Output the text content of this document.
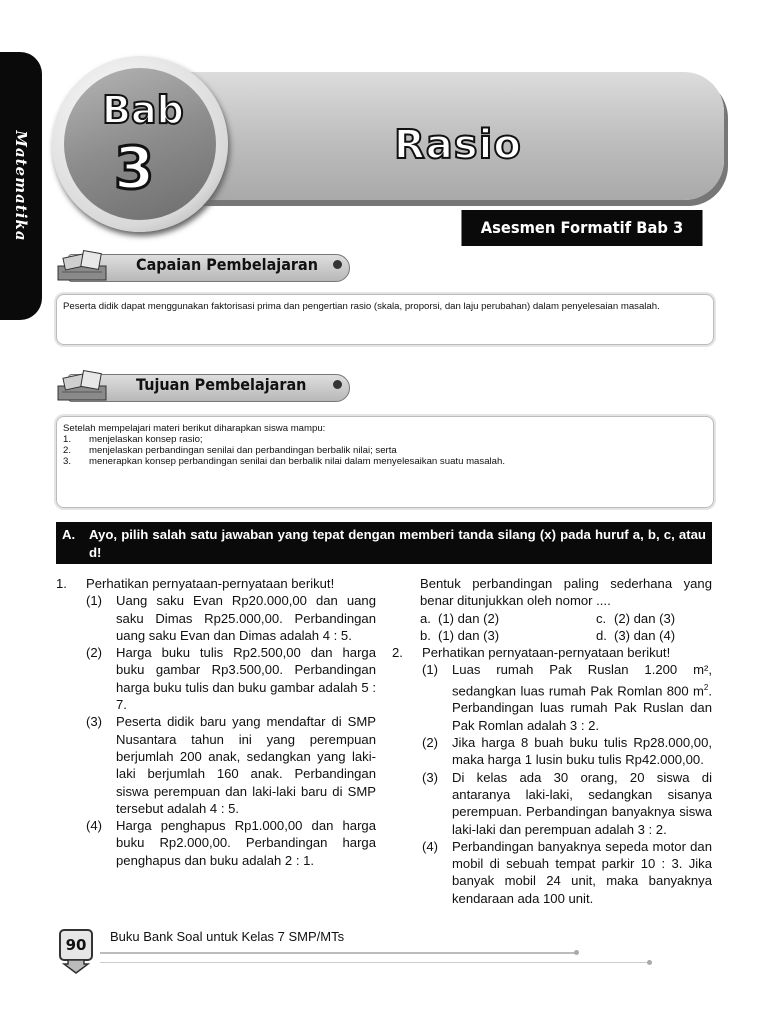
Matematika	Rasio
Bab
3
Asesmen Formatif Bab 3
Capaian Pembelajaran
Peserta didik dapat menggunakan faktorisasi prima dan pengertian rasio (skala, proporsi, dan laju perubahan) dalam penyelesaian masalah.
Tujuan Pembelajaran
Setelah mempelajari materi berikut diharapkan siswa mampu:
1. menjelaskan konsep rasio;
2. menjelaskan perbandingan senilai dan perbandingan berbalik nilai; serta
3. menerapkan konsep perbandingan senilai dan berbalik nilai dalam menyelesaikan suatu masalah.
A. Ayo, pilih salah satu jawaban yang tepat dengan memberi tanda silang (x) pada huruf a, b, c, atau d!
1. Perhatikan pernyataan-pernyataan berikut!

(1) Uang saku Evan Rp20.000,00 dan uang saku Dimas Rp25.000,00. Perbandingan uang saku Evan dan Dimas adalah 4 : 5.
(2) Harga buku tulis Rp2.500,00 dan harga buku gambar Rp3.500,00. Perbandingan harga buku tulis dan buku gambar adalah 5 : 7.
(3) Peserta didik baru yang mendaftar di SMP Nusantara tahun ini yang perempuan berjumlah 200 anak, sedangkan yang laki-laki berjumlah 160 anak. Perbandingan siswa perempuan dan laki-laki baru di SMP tersebut adalah 4 : 5.
(4) Harga penghapus Rp1.000,00 dan harga buku Rp2.000,00. Perbandingan harga penghapus dan buku adalah 2 : 1.

Bentuk perbandingan paling sederhana yang benar ditunjukkan oleh nomor ....

a. (1) dan (2)	c. (2) dan (3)
b. (1) dan (3)	d. (3) dan (4)
2. Perhatikan pernyataan-pernyataan berikut!

(1) Luas rumah Pak Ruslan 1.200 m², sedangkan luas rumah Pak Romlan 800 $m^2$. Perbandingan luas rumah Pak Ruslan dan Pak Romlan adalah 3 : 2.
(2) Jika harga 8 buah buku tulis Rp28.000,00, maka harga 1 lusin buku tulis Rp42.000,00.
(3) Di kelas ada 30 orang, 20 siswa di antaranya laki-laki, sedangkan sisanya perempuan. Perbandingan banyaknya siswa laki-laki dan perempuan adalah 3 : 2.
(4) Perbandingan banyaknya sepeda motor dan mobil di sebuah tempat parkir 10 : 3. Jika banyak mobil 24 unit, maka banyaknya kendaraan ada 100 unit.
90	Buku Bank Soal untuk Kelas 7 SMP/MTs
